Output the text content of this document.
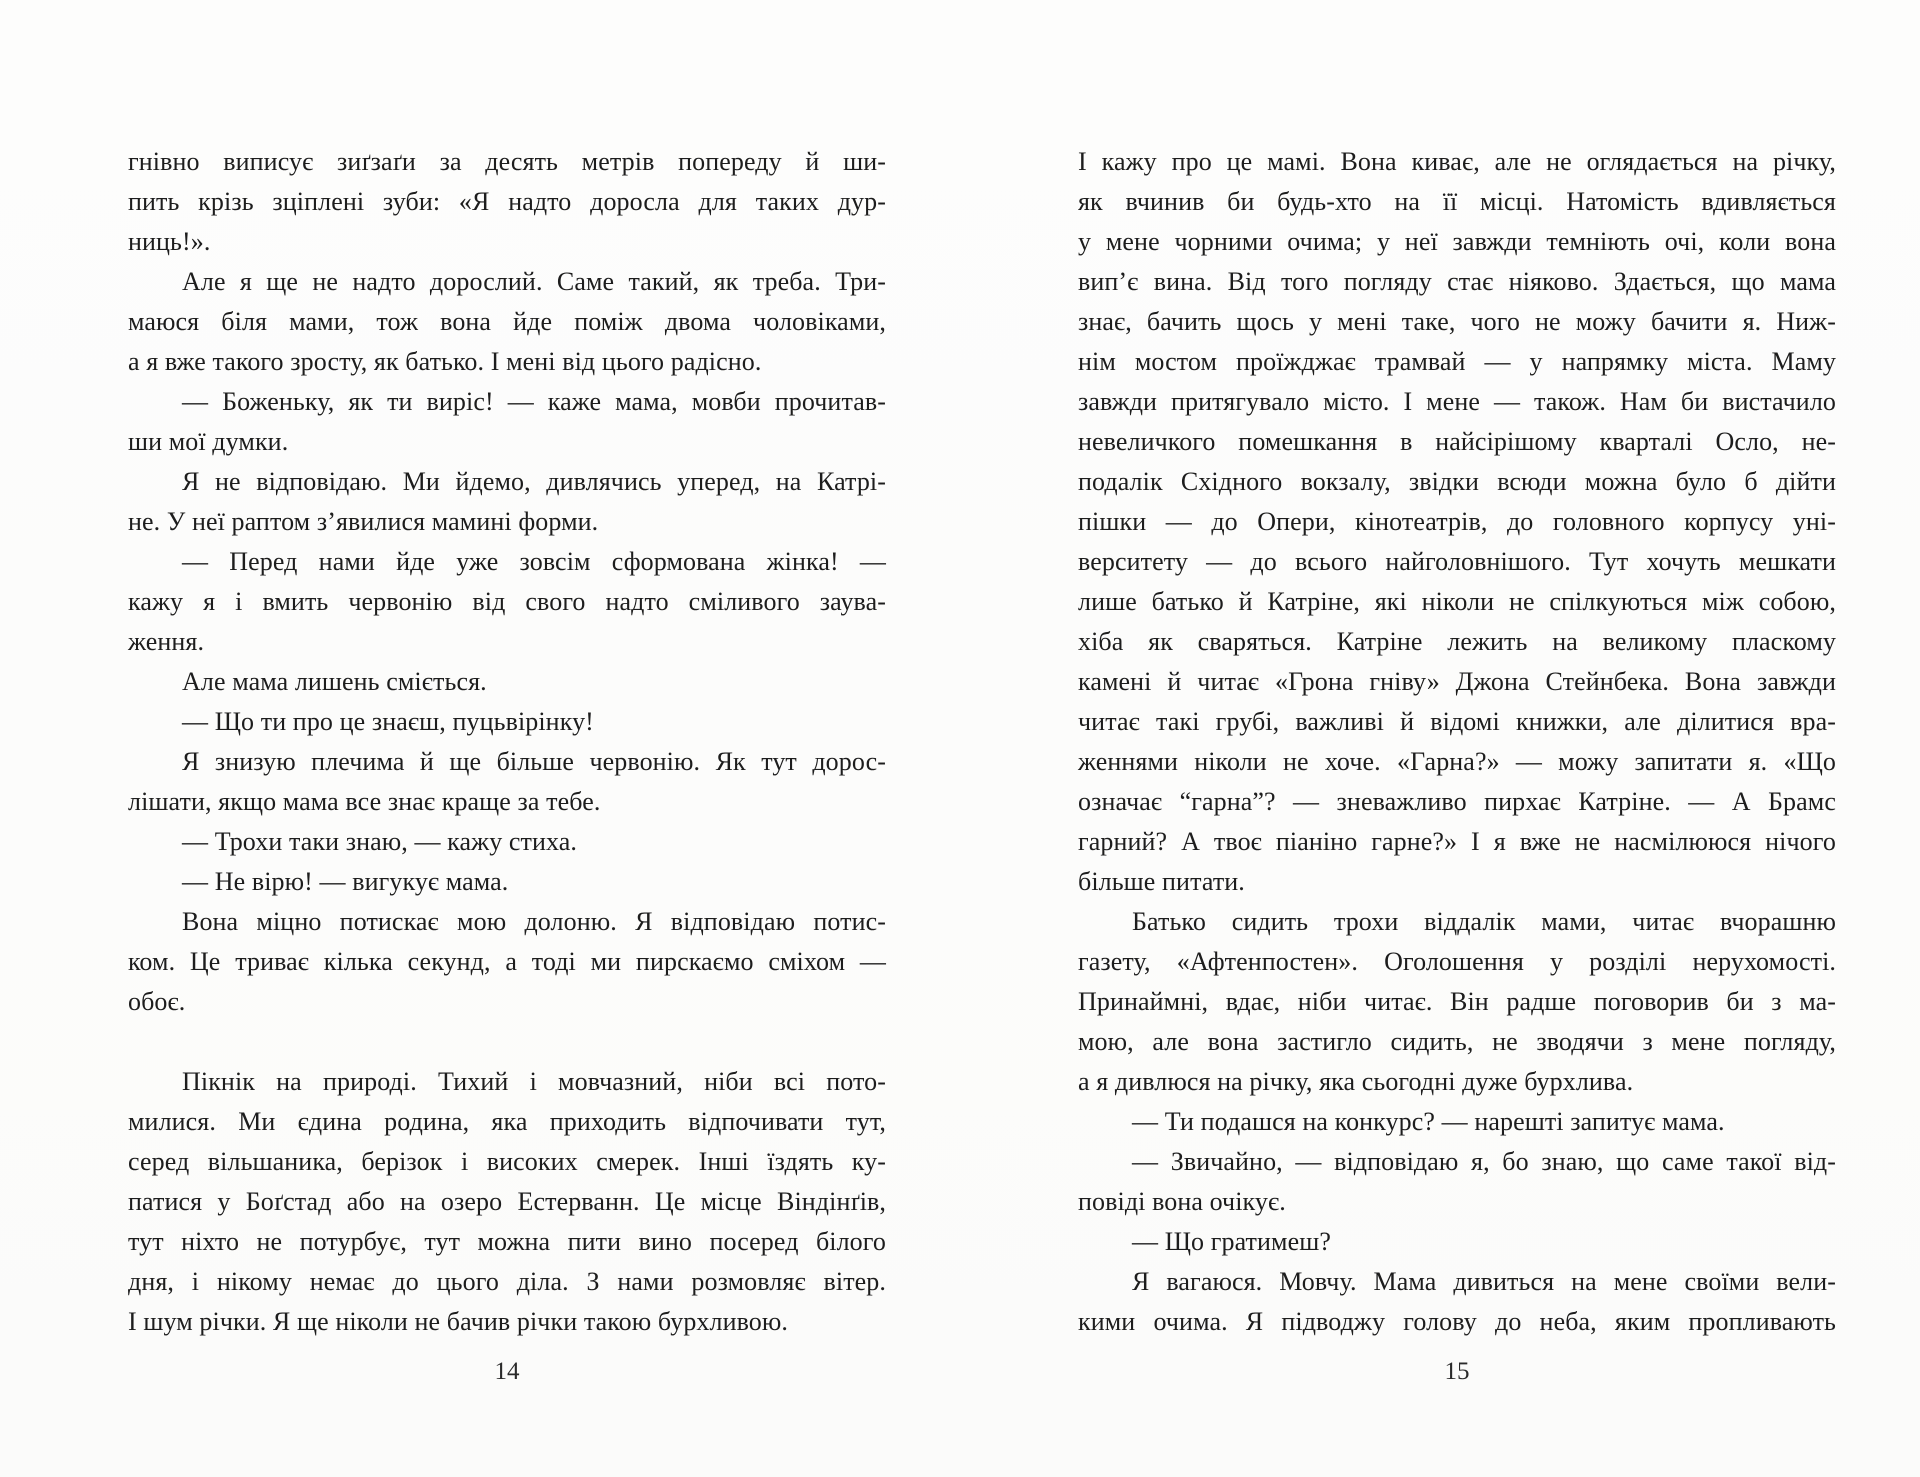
гнівно виписує зиґзаґи за десять метрів попереду й ши-
пить крізь зціплені зуби: «Я надто доросла для таких дур-
ниць!».
Але я ще не надто дорослий. Саме такий, як треба. Три-
маюся біля мами, тож вона йде поміж двома чоловіками,
а я вже такого зросту, як батько. І мені від цього радісно.
— Боженьку, як ти виріс! — каже мама, мовби прочитав-
ши мої думки.
Я не відповідаю. Ми йдемо, дивлячись уперед, на Катрі-
не. У неї раптом з’явилися мамині форми.
— Перед нами йде уже зовсім сформована жінка! —
кажу я і вмить червонію від свого надто сміливого заува-
ження.
Але мама лишень сміється.
— Що ти про це знаєш, пуцьвірінку!
Я знизую плечима й ще більше червонію. Як тут дорос-
лішати, якщо мама все знає краще за тебе.
— Трохи таки знаю, — кажу стиха.
— Не вірю! — вигукує мама.
Вона міцно потискає мою долоню. Я відповідаю потис-
ком. Це триває кілька секунд, а тоді ми пирскаємо сміхом —
обоє.
Пікнік на природі. Тихий і мовчазний, ніби всі пото-
милися. Ми єдина родина, яка приходить відпочивати тут,
серед вільшаника, берізок і високих смерек. Інші їздять ку-
патися у Боґстад або на озеро Естерванн. Це місце Віндінґів,
тут ніхто не потурбує, тут можна пити вино посеред білого
дня, і нікому немає до цього діла. З нами розмовляє вітер.
І шум річки. Я ще ніколи не бачив річки такою бурхливою.
14
І кажу про це мамі. Вона киває, але не оглядається на річку,
як вчинив би будь-хто на її місці. Натомість вдивляється
у мене чорними очима; у неї завжди темніють очі, коли вона
вип’є вина. Від того погляду стає ніяково. Здається, що мама
знає, бачить щось у мені таке, чого не можу бачити я. Ниж-
нім мостом проїжджає трамвай — у напрямку міста. Маму
завжди притягувало місто. І мене — також. Нам би вистачило
невеличкого помешкання в найсірішому кварталі Осло, не-
подалік Східного вокзалу, звідки всюди можна було б дійти
пішки — до Опери, кінотеатрів, до головного корпусу уні-
верситету — до всього найголовнішого. Тут хочуть мешкати
лише батько й Катріне, які ніколи не спілкуються між собою,
хіба як сваряться. Катріне лежить на великому пласкому
камені й читає «Грона гніву» Джона Стейнбека. Вона завжди
читає такі грубі, важливі й відомі книжки, але ділитися вра-
женнями ніколи не хоче. «Гарна?» — можу запитати я. «Що
означає “гарна”? — зневажливо пирхає Катріне. — А Брамс
гарний? А твоє піаніно гарне?» І я вже не насмілююся нічого
більше питати.
Батько сидить трохи віддалік мами, читає вчорашню
газету, «Афтенпостен». Оголошення у розділі нерухомості.
Принаймні, вдає, ніби читає. Він радше поговорив би з ма-
мою, але вона застигло сидить, не зводячи з мене погляду,
а я дивлюся на річку, яка сьогодні дуже бурхлива.
— Ти подашся на конкурс? — нарешті запитує мама.
— Звичайно, — відповідаю я, бо знаю, що саме такої від-
повіді вона очікує.
— Що гратимеш?
Я вагаюся. Мовчу. Мама дивиться на мене своїми вели-
кими очима. Я підводжу голову до неба, яким пропливають
15
